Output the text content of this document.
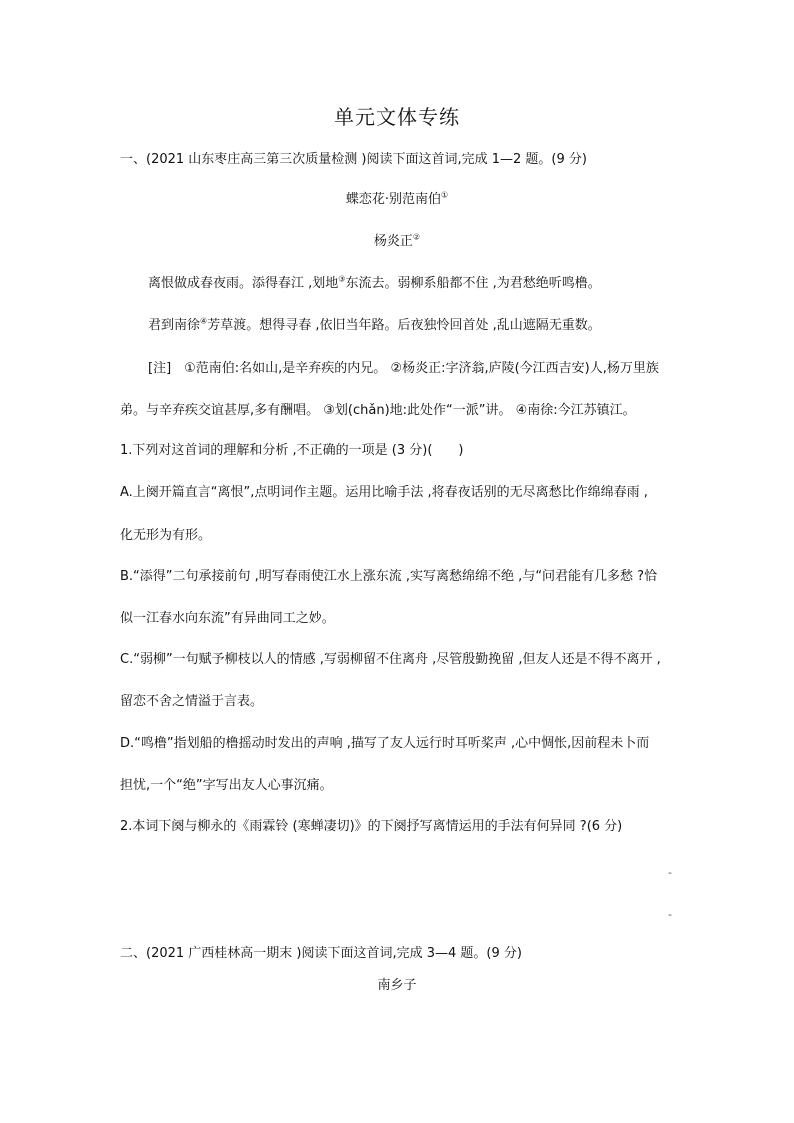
单元文体专练
一、(2021 山东枣庄高三第三次质量检测 )阅读下面这首词,完成 1—2 题。(9 分)
蝶恋花·别范南伯①
杨炎正②
离恨做成春夜雨。添得春江 ,划地③东流去。弱柳系船都不住 ,为君愁绝听鸣橹。
君到南徐④芳草渡。想得寻春 ,依旧当年路。后夜独怜回首处 ,乱山遮隔无重数。
[注]　①范南伯:名如山,是辛弃疾的内兄。 ②杨炎正:字济翁,庐陵(今江西吉安)人,杨万里族
弟。与辛弃疾交谊甚厚,多有酬唱。 ③划(chǎn)地:此处作“一派”讲。 ④南徐:今江苏镇江。
1.下列对这首词的理解和分析 ,不正确的一项是 (3 分)(　　)
A.上阕开篇直言“离恨”,点明词作主题。运用比喻手法 ,将春夜话别的无尽离愁比作绵绵春雨 ,
化无形为有形。
B.“添得”二句承接前句 ,明写春雨使江水上涨东流 ,实写离愁绵绵不绝 ,与“问君能有几多愁 ?恰
似一江春水向东流”有异曲同工之妙。
C.“弱柳”一句赋予柳枝以人的情感 ,写弱柳留不住离舟 ,尽管殷勤挽留 ,但友人还是不得不离开 ,
留恋不舍之情溢于言表。
D.“鸣橹”指划船的橹摇动时发出的声响 ,描写了友人远行时耳听桨声 ,心中惆怅,因前程未卜而
担忧,一个“绝”字写出友人心事沉痛。
2.本词下阕与柳永的《雨霖铃 (寒蝉凄切)》的下阕抒写离情运用的手法有何异同 ?(6 分)
-
-
二、(2021 广西桂林高一期末 )阅读下面这首词,完成 3—4 题。(9 分)
南乡子
